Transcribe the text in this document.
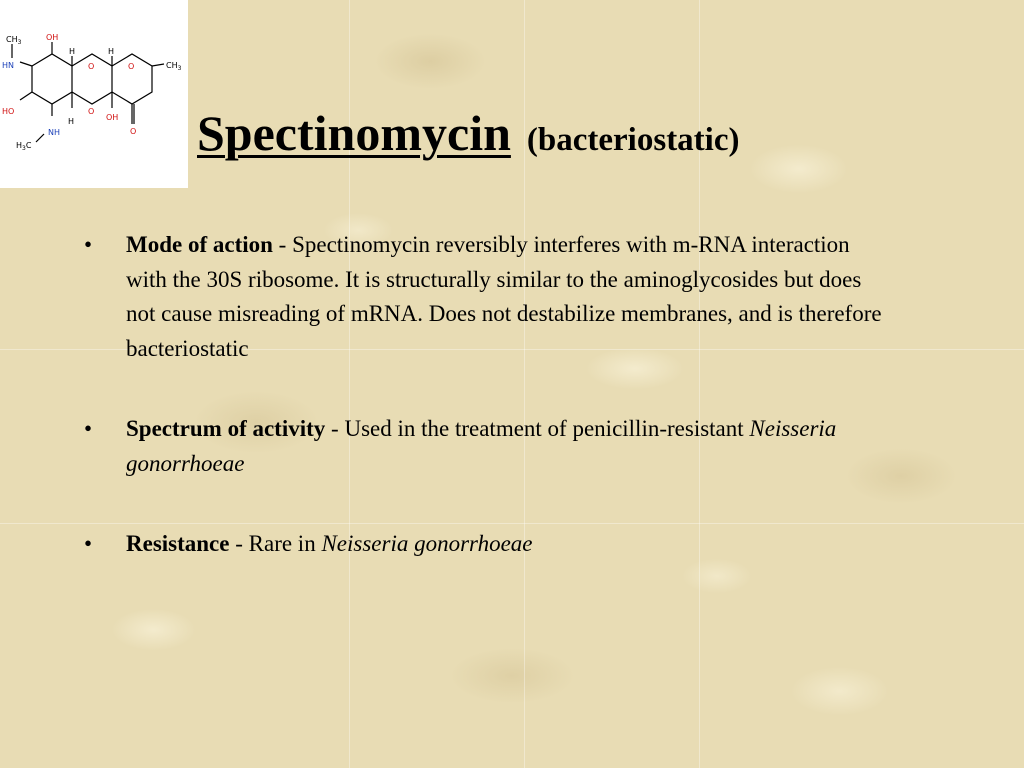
$CH_3$
HN
OH
H	H
O	O	$CH_3$
HO	O
OH
H
NH
$H_3C$
O Spectinomycin (bacteriostatic)
• Mode of action - Spectinomycin reversibly interferes with m-RNA interaction with the 30S ribosome. It is structurally similar to the aminoglycosides but does not cause misreading of mRNA. Does not destabilize membranes, and is therefore bacteriostatic
• Spectrum of activity - Used in the treatment of penicillin-resistant Neisseria gonorrhoeae
• Resistance - Rare in Neisseria gonorrhoeae
